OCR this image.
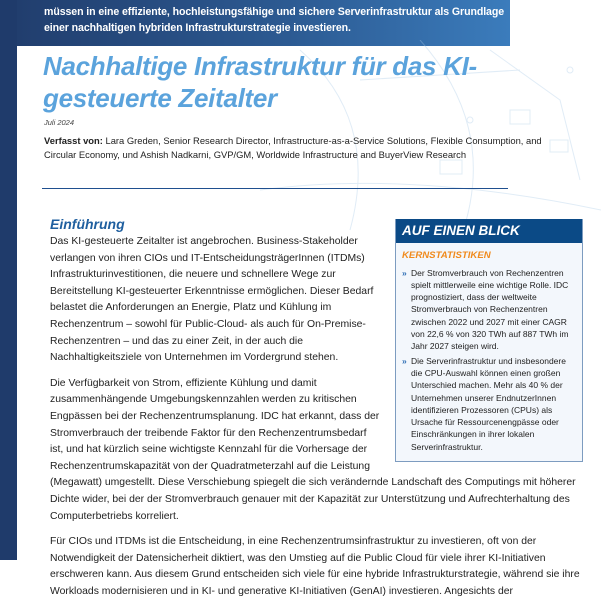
müssen in eine effiziente, hochleistungsfähige und sichere Serverinfrastruktur als Grundlage einer nachhaltigen hybriden Infrastrukturstrategie investieren.
Nachhaltige Infrastruktur für das KI-gesteuerte Zeitalter
Juli 2024
Verfasst von: Lara Greden, Senior Research Director, Infrastructure-as-a-Service Solutions, Flexible Consumption, and Circular Economy, und Ashish Nadkarni, GVP/GM, Worldwide Infrastructure and BuyerView Research
AUF EINEN BLICK
KERNSTATISTIKEN
» Der Stromverbrauch von Rechenzentren spielt mittlerweile eine wichtige Rolle. IDC prognostiziert, dass der weltweite Stromverbrauch von Rechenzentren zwischen 2022 und 2027 mit einer CAGR von 22,6 % von 320 TWh auf 887 TWh im Jahr 2027 steigen wird.
» Die Serverinfrastruktur und insbesondere die CPU-Auswahl können einen großen Unterschied machen. Mehr als 40 % der Unternehmen unserer EndnutzerInnen identifizieren Prozessoren (CPUs) als Ursache für Ressourcenengpässe oder Einschränkungen in ihrer lokalen Serverinfrastruktur.
Einführung

Das KI-gesteuerte Zeitalter ist angebrochen. Business-Stakeholder verlangen von ihren CIOs und IT-EntscheidungsträgerInnen (ITDMs) Infrastrukturinvestitionen, die neuere und schnellere Wege zur Bereitstellung KI-gesteuerter Erkenntnisse ermöglichen. Dieser Bedarf belastet die Anforderungen an Energie, Platz und Kühlung im Rechenzentrum – sowohl für Public-Cloud- als auch für On-Premise-Rechenzentren – und das zu einer Zeit, in der auch die Nachhaltigkeitsziele von Unternehmen im Vordergrund stehen.

Die Verfügbarkeit von Strom, effiziente Kühlung und damit zusammenhängende Umgebungskennzahlen werden zu kritischen Engpässen bei der Rechenzentrumsplanung. IDC hat erkannt, dass der Stromverbrauch der treibende Faktor für den Rechenzentrumsbedarf ist, und hat kürzlich seine wichtigste Kennzahl für die Vorhersage der Rechenzentrumskapazität von der Quadratmeterzahl auf die Leistung (Megawatt) umgestellt. Diese Verschiebung spiegelt die sich verändernde Landschaft des Computings mit höherer Dichte wider, bei der der Stromverbrauch genauer mit der Kapazität zur Unterstützung und Aufrechterhaltung des Computerbetriebs korreliert.

Für CIOs und ITDMs ist die Entscheidung, in eine Rechenzentrumsinfrastruktur zu investieren, oft von der Notwendigkeit der Datensicherheit diktiert, was den Umstieg auf die Public Cloud für viele ihrer KI-Initiativen erschweren kann. Aus diesem Grund entscheiden sich viele für eine hybride Infrastrukturstrategie, während sie ihre Workloads modernisieren und in KI- und generative KI-Initiativen (GenAI) investieren. Angesichts der
